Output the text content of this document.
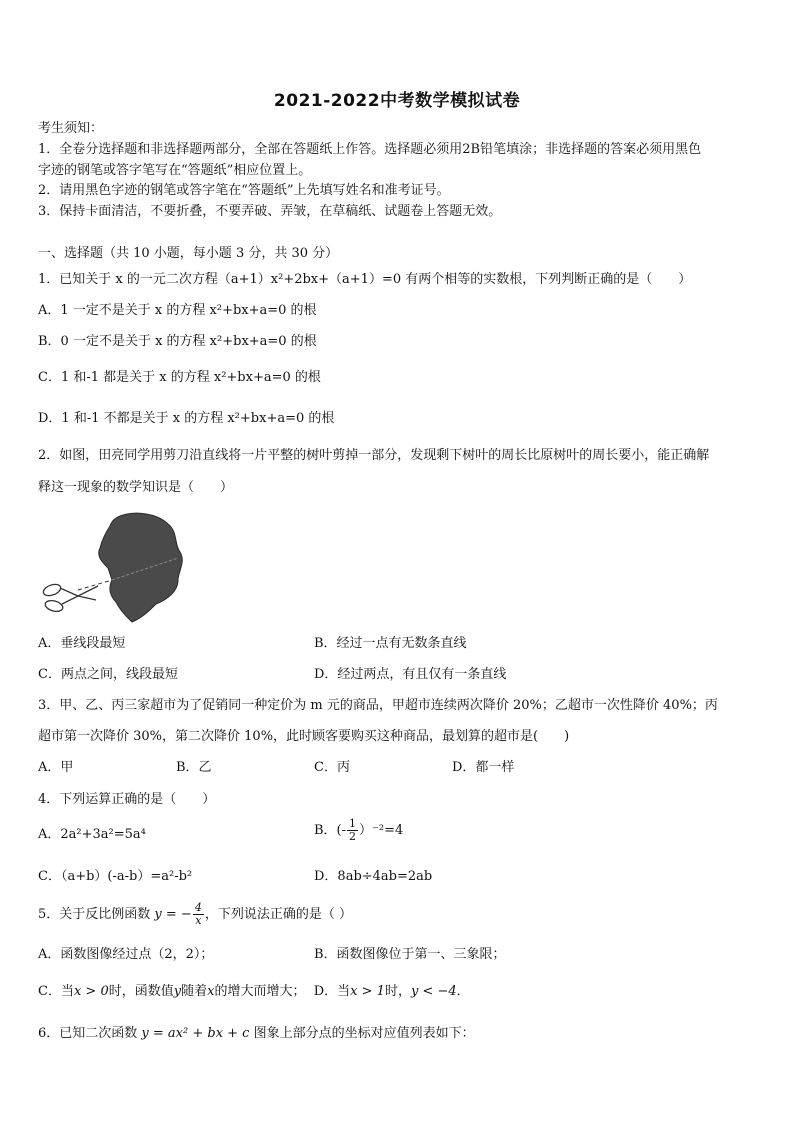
2021-2022中考数学模拟试卷
考生须知：
1．全卷分选择题和非选择题两部分，全部在答题纸上作答。选择题必须用2B铅笔填涂；非选择题的答案必须用黑色
字迹的钢笔或答字笔写在“答题纸”相应位置上。
2．请用黑色字迹的钢笔或答字笔在“答题纸”上先填写姓名和准考证号。
3．保持卡面清洁，不要折叠，不要弄破、弄皱，在草稿纸、试题卷上答题无效。
一、选择题（共 10 小题，每小题 3 分，共 30 分）
1．已知关于 x 的一元二次方程（a+1）x²+2bx+（a+1）=0 有两个相等的实数根，下列判断正确的是（　　）
A．1 一定不是关于 x 的方程 x²+bx+a=0 的根
B．0 一定不是关于 x 的方程 x²+bx+a=0 的根
C．1 和-1 都是关于 x 的方程 x²+bx+a=0 的根
D．1 和-1 不都是关于 x 的方程 x²+bx+a=0 的根
2．如图，田亮同学用剪刀沿直线将一片平整的树叶剪掉一部分，发现剩下树叶的周长比原树叶的周长要小，能正确解
释这一现象的数学知识是（　　）
A．垂线段最短	B．经过一点有无数条直线
C．两点之间，线段最短	D．经过两点，有且仅有一条直线
3．甲、乙、丙三家超市为了促销同一种定价为 m 元的商品，甲超市连续两次降价 20%；乙超市一次性降价 40%；丙
超市第一次降价 30%，第二次降价 10%，此时顾客要购买这种商品，最划算的超市是(　　)
A．甲	B．乙	C．丙	D．都一样
4．下列运算正确的是（　　）
A．2a²+3a²=5a⁴	B．(- $\frac{1}{2} )^{-2}=4$
C．（a+b）(-a-b）=a²-b²	D．8ab÷4ab=2ab
5．关于反比例函数 y = − $\frac{4}{x}$ ，下列说法正确的是（ ）
A．函数图像经过点（2，2）；	B．函数图像位于第一、三象限；
C．当x > 0时，函数值y随着x的增大而增大； D．当x > 1时，y < −4．
6．已知二次函数 y = ax² + bx + c 图象上部分点的坐标对应值列表如下：
